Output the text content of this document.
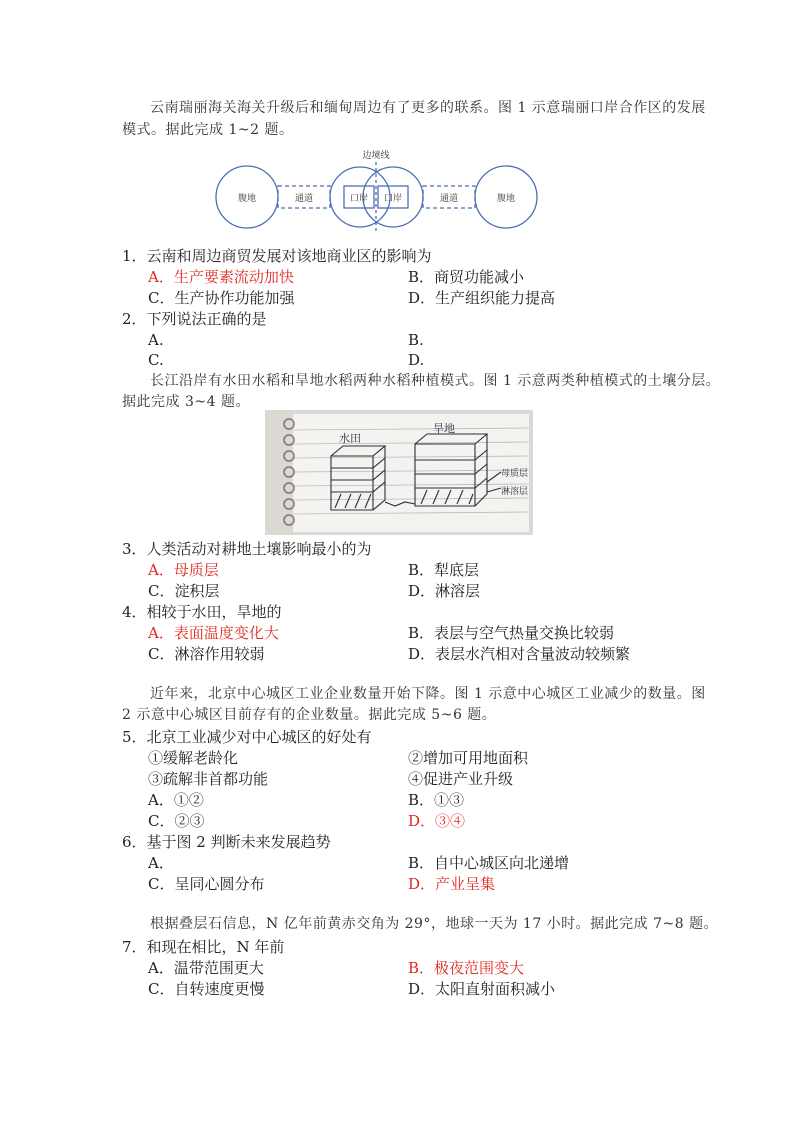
云南瑞丽海关海关升级后和缅甸周边有了更多的联系。图 1 示意瑞丽口岸合作区的发展
模式。据此完成 1~2 题。
边境线
腹地	通道	口岸 口岸	通道	腹地
1．云南和周边商贸发展对该地商业区的影响为
A．生产要素流动加快	B．商贸功能减小
C．生产协作功能加强	D．生产组织能力提高
2．下列说法正确的是
A.	B.
C.	D.
长江沿岸有水田水稻和旱地水稻两种水稻种植模式。图 1 示意两类种植模式的土壤分层。
据此完成 3~4 题。
水田
旱地
母质层
淋溶层
3．人类活动对耕地土壤影响最小的为
A．母质层	B．犁底层
C．淀积层	D．淋溶层
4．相较于水田，旱地的
A．表面温度变化大	B．表层与空气热量交换比较弱
C．淋溶作用较弱	D．表层水汽相对含量波动较频繁
近年来，北京中心城区工业企业数量开始下降。图 1 示意中心城区工业减少的数量。图
2 示意中心城区目前存有的企业数量。据此完成 5~6 题。
5．北京工业减少对中心城区的好处有
①缓解老龄化	②增加可用地面积
③疏解非首都功能	④促进产业升级
A．①②	B．①③
C．②③	D．③④
6．基于图 2 判断未来发展趋势
A．	B．自中心城区向北递增
C．呈同心圆分布	D．产业呈集
根据叠层石信息，N 亿年前黄赤交角为 29°，地球一天为 17 小时。据此完成 7~8 题。
7．和现在相比，N 年前
A．温带范围更大	B．极夜范围变大
C．自转速度更慢	D．太阳直射面积减小
